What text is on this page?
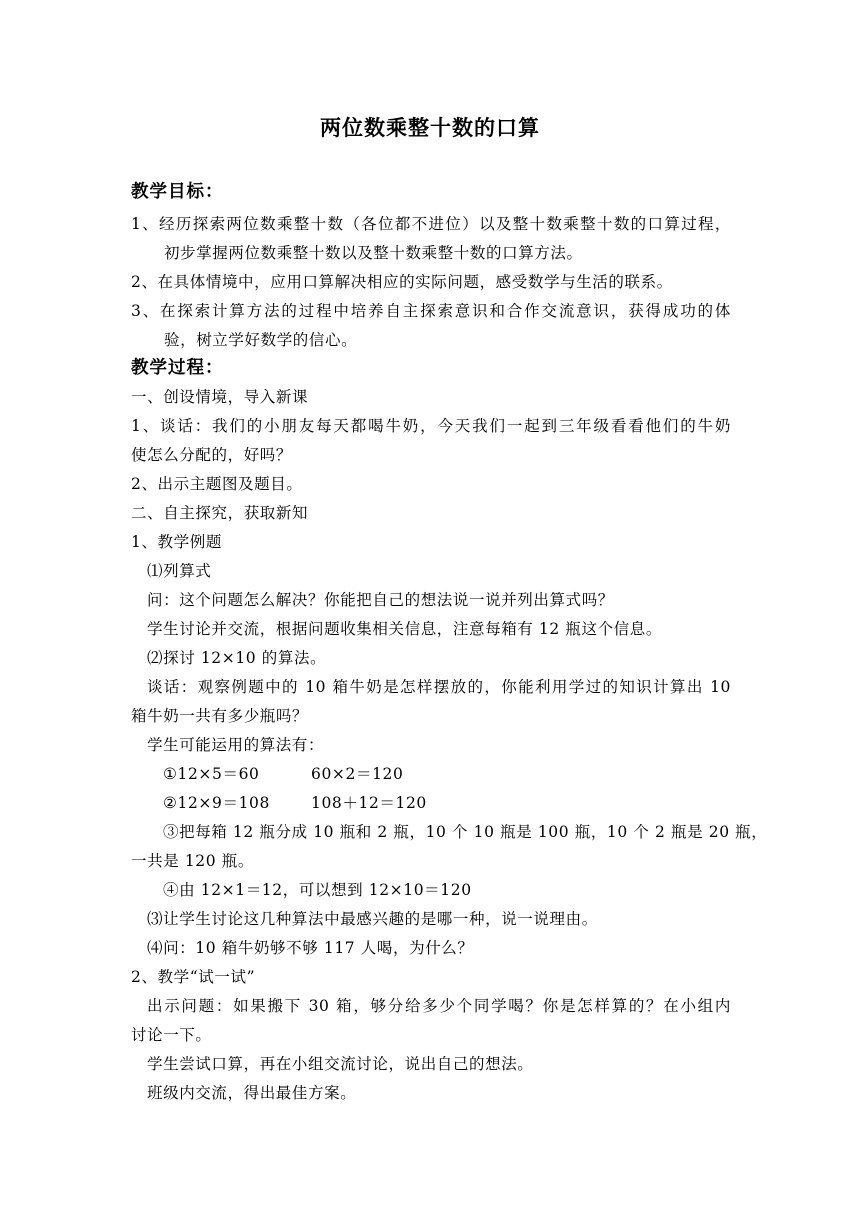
两位数乘整十数的口算
教学目标：
1、经历探索两位数乘整十数（各位都不进位）以及整十数乘整十数的口算过程，
初步掌握两位数乘整十数以及整十数乘整十数的口算方法。
2、在具体情境中，应用口算解决相应的实际问题，感受数学与生活的联系。
3、在探索计算方法的过程中培养自主探索意识和合作交流意识，获得成功的体
验，树立学好数学的信心。
教学过程：
一、创设情境，导入新课
1、谈话：我们的小朋友每天都喝牛奶，今天我们一起到三年级看看他们的牛奶
使怎么分配的，好吗？
2、出示主题图及题目。
二、自主探究，获取新知
1、教学例题
⑴列算式
问：这个问题怎么解决？你能把自己的想法说一说并列出算式吗？
学生讨论并交流，根据问题收集相关信息，注意每箱有 12 瓶这个信息。
⑵探讨 12×10 的算法。
谈话：观察例题中的 10 箱牛奶是怎样摆放的，你能利用学过的知识计算出 10
箱牛奶一共有多少瓶吗？
学生可能运用的算法有：
①12×5＝60	60×2＝120
②12×9＝108	108＋12＝120
③把每箱 12 瓶分成 10 瓶和 2 瓶，10 个 10 瓶是 100 瓶，10 个 2 瓶是 20 瓶，
一共是 120 瓶。
④由 12×1＝12，可以想到 12×10＝120
⑶让学生讨论这几种算法中最感兴趣的是哪一种，说一说理由。
⑷问：10 箱牛奶够不够 117 人喝，为什么？
2、教学“试一试”
出示问题：如果搬下 30 箱，够分给多少个同学喝？你是怎样算的？在小组内
讨论一下。
学生尝试口算，再在小组交流讨论，说出自己的想法。
班级内交流，得出最佳方案。
